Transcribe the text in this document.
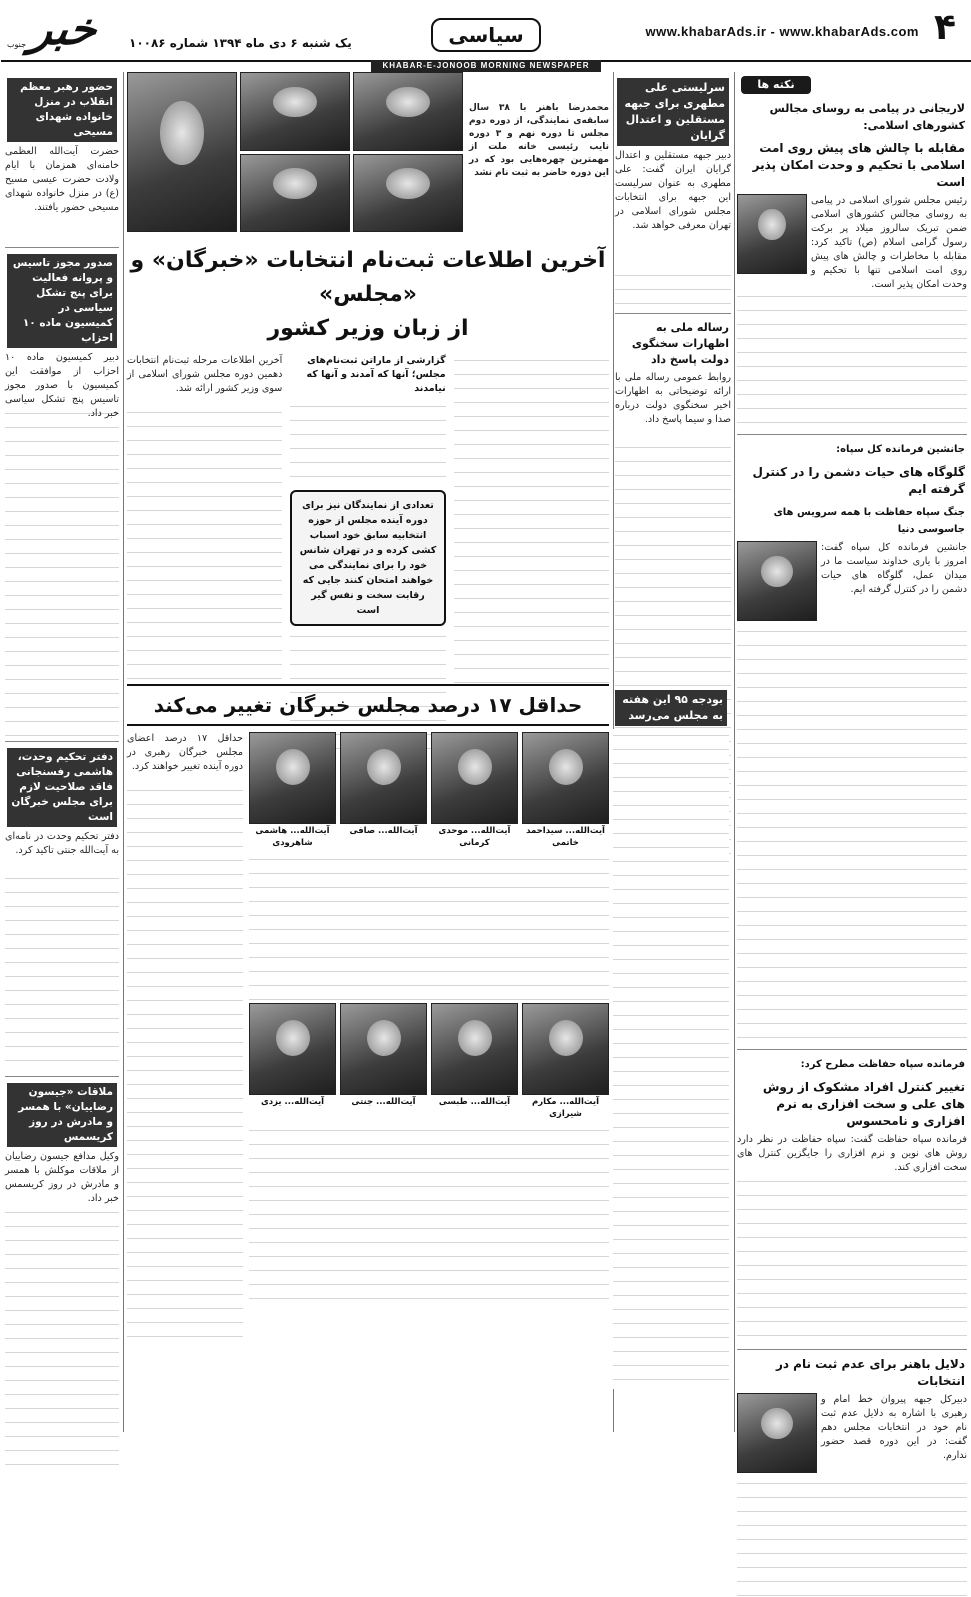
۴
www.khabarAds.ir - www.khabarAds.com
سیاسی
یک شنبه ۶ دی ماه ۱۳۹۴ شماره ۱۰۰۸۶
خبر
جنوب
KHABAR-E-JONOOB MORNING NEWSPAPER
نکته ها
لاریجانی در پیامی به روسای مجالس کشورهای اسلامی:
مقابله با چالش های پیش روی امت اسلامی با تحکیم و وحدت امکان پذیر است
رئیس مجلس شورای اسلامی در پیامی به روسای مجالس کشورهای اسلامی ضمن تبریک سالروز میلاد پر برکت رسول گرامی اسلام (ص) تاکید کرد: مقابله با مخاطرات و چالش های پیش روی امت اسلامی تنها با تحکیم و وحدت امکان پذیر است.
جانشین فرمانده کل سپاه:
گلوگاه های حیات دشمن را در کنترل گرفته ایم
جنگ سپاه حفاظت با همه سرویس های جاسوسی دنیا
جانشین فرمانده کل سپاه گفت: امروز با یاری خداوند سیاست ما در میدان عمل، گلوگاه های حیات دشمن را در کنترل گرفته ایم.
فرمانده سپاه حفاظت مطرح کرد:
تغییر کنترل افراد مشکوک از روش های علی و سخت افزاری به نرم افزاری و نامحسوس
فرمانده سپاه حفاظت گفت: سپاه حفاظت در نظر دارد روش های نوین و نرم افزاری را جایگزین کنترل های سخت افزاری کند.
دلایل باهنر برای عدم ثبت نام در انتخابات
دبیرکل جبهه پیروان خط امام و رهبری با اشاره به دلایل عدم ثبت نام خود در انتخابات مجلس دهم گفت: در این دوره قصد حضور ندارم.
سرلیستی علی مطهری برای جبهه مستقلین و اعتدال گرایان
دبیر جبهه مستقلین و اعتدال گرایان ایران گفت: علی مطهری به عنوان سرلیست این جبهه برای انتخابات مجلس شورای اسلامی در تهران معرفی خواهد شد.
رساله ملی به اظهارات سخنگوی دولت پاسخ داد
روابط عمومی رساله ملی با ارائه توضیحاتی به اظهارات اخیر سخنگوی دولت درباره صدا و سیما پاسخ داد.
محمدرضا باهنر با ۳۸ سال سابقه‌ی نمایندگی، از دوره دوم مجلس تا دوره نهم و ۳ دوره نایب رئیسی خانه ملت از مهمترین چهره‌هایی بود که در این دوره حاضر به ثبت نام نشد
آخرین اطلاعات ثبت‌نام انتخابات «خبرگان» و «مجلس»
از زبان وزیر کشور
گزارشی از ماراتن ثبت‌نام‌های مجلس؛ آنها که آمدند و آنها که نیامدند
تعدادی از نمایندگان نیز برای دوره آینده مجلس از حوزه انتخابیه سابق خود اسباب کشی کرده و در تهران شانس خود را برای نمایندگی می خواهند امتحان کنند جایی که رقابت سخت و نفس گیر است
آخرین اطلاعات مرحله ثبت‌نام انتخابات دهمین دوره مجلس شورای اسلامی از سوی وزیر کشور ارائه شد.
حداقل ۱۷ درصد مجلس خبرگان تغییر می‌کند
آیت‌الله... سیداحمد خاتمی
آیت‌الله... موحدی کرمانی
آیت‌الله... صافی
آیت‌الله... هاشمی شاهرودی
آیت‌الله... مکارم شیرازی
آیت‌الله... طبسی
آیت‌الله... جنتی
آیت‌الله... یزدی
حداقل ۱۷ درصد اعضای مجلس خبرگان رهبری در دوره آینده تغییر خواهند کرد.
بودجه ۹۵ این هفته به مجلس می‌رسد
حضور رهبر معظم انقلاب در منزل خانواده شهدای مسیحی
حضرت آیت‌الله العظمی خامنه‌ای همزمان با ایام ولادت حضرت عیسی مسیح (ع) در منزل خانواده شهدای مسیحی حضور یافتند.
صدور مجوز تاسیس و پروانه فعالیت برای پنج تشکل سیاسی در کمیسیون ماده ۱۰ احزاب
دبیر کمیسیون ماده ۱۰ احزاب از موافقت این کمیسیون با صدور مجوز تاسیس پنج تشکل سیاسی خبر داد.
دفتر تحکیم وحدت، هاشمی رفسنجانی فاقد صلاحیت لازم برای مجلس خبرگان است
دفتر تحکیم وحدت در نامه‌ای به آیت‌الله جنتی تاکید کرد.
ملاقات «جیسون رضاییان» با همسر و مادرش در روز کریسمس
وکیل مدافع جیسون رضاییان از ملاقات موکلش با همسر و مادرش در روز کریسمس خبر داد.
